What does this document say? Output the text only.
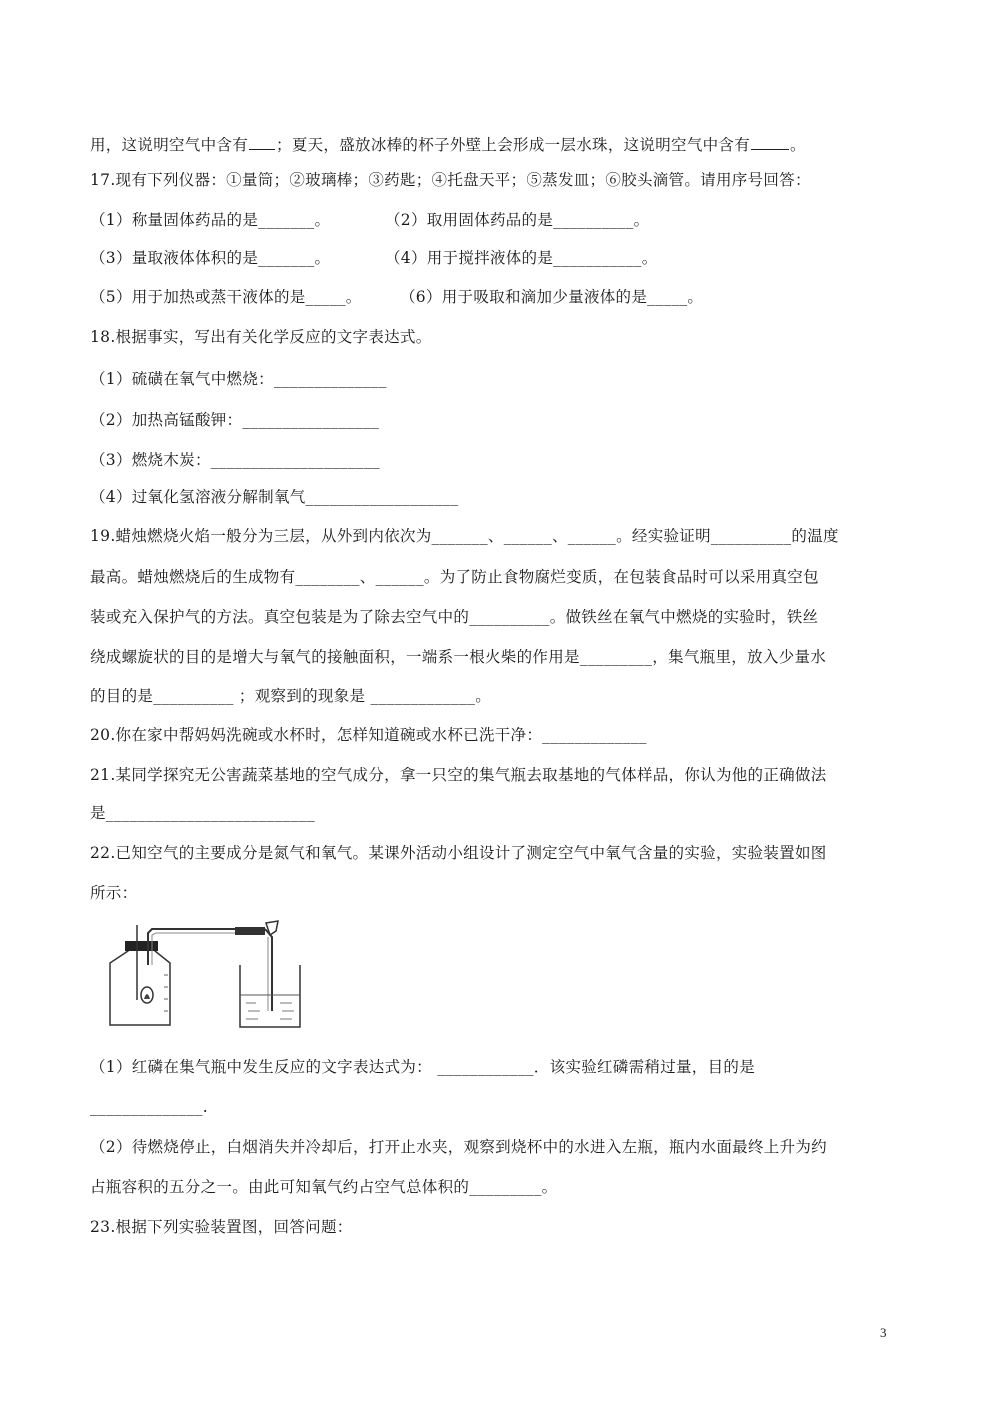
用，这说明空气中含有 ；夏天，盛放冰棒的杯子外壁上会形成一层水珠，这说明空气中含有	。
17.现有下列仪器：①量筒；②玻璃棒；③药匙；④托盘天平；⑤蒸发皿；⑥胶头滴管。请用序号回答：
（1）称量固体药品的是_______。	（2）取用固体药品的是__________。
（3）量取液体体积的是_______。	（4）用于搅拌液体的是___________。
（5）用于加热或蒸干液体的是_____。 （6）用于吸取和滴加少量液体的是_____。
18.根据事实，写出有关化学反应的文字表达式。
（1）硫磺在氧气中燃烧：______________
（2）加热高锰酸钾：_________________
（3）燃烧木炭：_____________________
（4）过氧化氢溶液分解制氧气___________________
19.蜡烛燃烧火焰一般分为三层，从外到内依次为_______、______、______。经实验证明__________的温度
最高。蜡烛燃烧后的生成物有________、______。为了防止食物腐烂变质，在包装食品时可以采用真空包
装或充入保护气的方法。真空包装是为了除去空气中的__________。做铁丝在氧气中燃烧的实验时，铁丝
绕成螺旋状的目的是增大与氧气的接触面积，一端系一根火柴的作用是_________，集气瓶里，放入少量水
的目的是__________ ；观察到的现象是 _____________。
20.你在家中帮妈妈洗碗或水杯时，怎样知道碗或水杯已洗干净：_____________
21.某同学探究无公害蔬菜基地的空气成分，拿一只空的集气瓶去取基地的气体样品，你认为他的正确做法
是__________________________
22.已知空气的主要成分是氮气和氧气。某课外活动小组设计了测定空气中氧气含量的实验，实验装置如图
所示：
（1）红磷在集气瓶中发生反应的文字表达式为： ____________．该实验红磷需稍过量，目的是
______________.
（2）待燃烧停止，白烟消失并冷却后，打开止水夹，观察到烧杯中的水进入左瓶，瓶内水面最终上升为约
占瓶容积的五分之一。由此可知氧气约占空气总体积的_________。
23.根据下列实验装置图，回答问题：
3
